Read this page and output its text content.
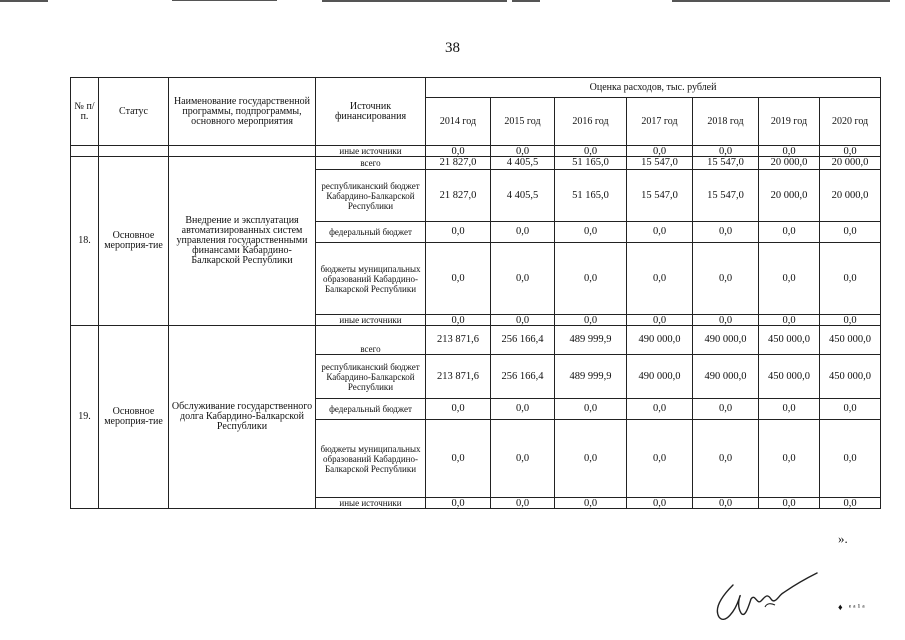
38
№ п/п.	Статус	Наименование государственной программы, подпрограммы, основного мероприятия	Источник финансирования	Оценка расходов, тыс. рублей						
				2014 год	2015 год	2016 год	2017 год	2018 год	2019 год	2020 год
			иные источники	0,0	0,0	0,0	0,0	0,0	0,0	0,0
18.	Основное мероприя-тие	Внедрение и эксплуатация автоматизированных систем управления государственными финансами Кабардино-Балкарской Республики	всего	21 827,0	4 405,5	51 165,0	15 547,0	15 547,0	20 000,0	20 000,0
			республиканский бюджет Кабардино-Балкарской Республики	21 827,0	4 405,5	51 165,0	15 547,0	15 547,0	20 000,0	20 000,0
			федеральный бюджет	0,0	0,0	0,0	0,0	0,0	0,0	0,0
			бюджеты муниципальных образований Кабардино-Балкарской Республики	0,0	0,0	0,0	0,0	0,0	0,0	0,0
			иные источники	0,0	0,0	0,0	0,0	0,0	0,0	0,0
19.	Основное мероприя-тие	Обслуживание государственного долга Кабардино-Балкарской Республики	всего	213 871,6	256 166,4	489 999,9	490 000,0	490 000,0	450 000,0	450 000,0
			республиканский бюджет Кабардино-Балкарской Республики	213 871,6	256 166,4	489 999,9	490 000,0	490 000,0	450 000,0	450 000,0
			федеральный бюджет	0,0	0,0	0,0	0,0	0,0	0,0	0,0
			бюджеты муниципальных образований Кабардино-Балкарской Республики	0,0	0,0	0,0	0,0	0,0	0,0	0,0
			иные источники	0,0	0,0	0,0	0,0	0,0	0,0	0,0
».
♦ ᵉᵃ¹ᵃ
